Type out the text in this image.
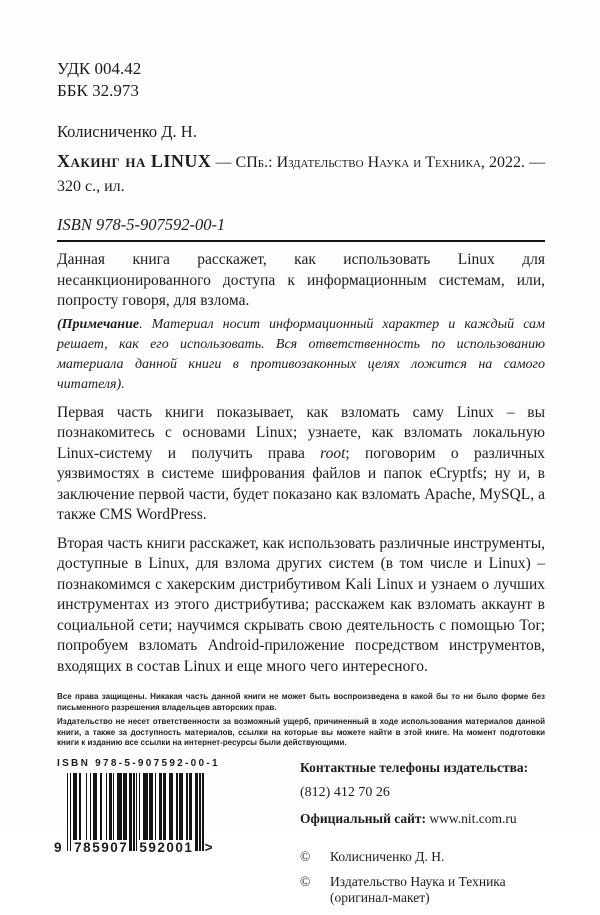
УДК 004.42
ББК 32.973
Колисниченко Д. Н.

Хакинг на LINUX — СПб.: Издательство Наука и Техника, 2022. — 320 с., ил.

ISBN 978-5-907592-00-1

Данная книга расскажет, как использовать Linux для несанкционированного доступа к информационным системам, или, попросту говоря, для взлома.

(Примечание. Материал носит информационный характер и каждый сам решает, как его использовать. Вся ответственность по использованию материала данной книги в противозаконных целях ложится на самого читателя).

Первая часть книги показывает, как взломать саму Linux – вы познакомитесь с основами Linux; узнаете, как взломать локальную Linux-систему и получить права root; поговорим о различных уязвимостях в системе шифрования файлов и папок eCryptfs; ну и, в заключение первой части, будет показано как взломать Apache, MySQL, а также CMS WordPress.

Вторая часть книги расскажет, как использовать различные инструменты, доступные в Linux, для взлома других систем (в том числе и Linux) – познакомимся с хакерским дистрибутивом Kali Linux и узнаем о лучших инструментах из этого дистрибутива; расскажем как взломать аккаунт в социальной сети; научимся скрывать свою деятельность с помощью Tor; попробуем взломать Android-приложение посредством инструментов, входящих в состав Linux и еще много чего интересного.

Все права защищены. Никакая часть данной книги не может быть воспроизведена в какой бы то ни было форме без письменного разрешения владельцев авторских прав.

Издательство не несет ответственности за возможный ущерб, причиненный в ходе использования материалов данной книги, а также за доступность материалов, ссылки на которые вы можете найти в этой книге. На момент подготовки книги к изданию все ссылки на интернет-ресурсы были действующими.

ISBN 978-5-907592-00-1
9 785907 592001 >

Контактные телефоны издательства:

(812) 412 70 26

Официальный сайт: www.nit.com.ru

©	Колисниченко Д. Н.
©	Издательство Наука и Техника (оригинал-макет)
